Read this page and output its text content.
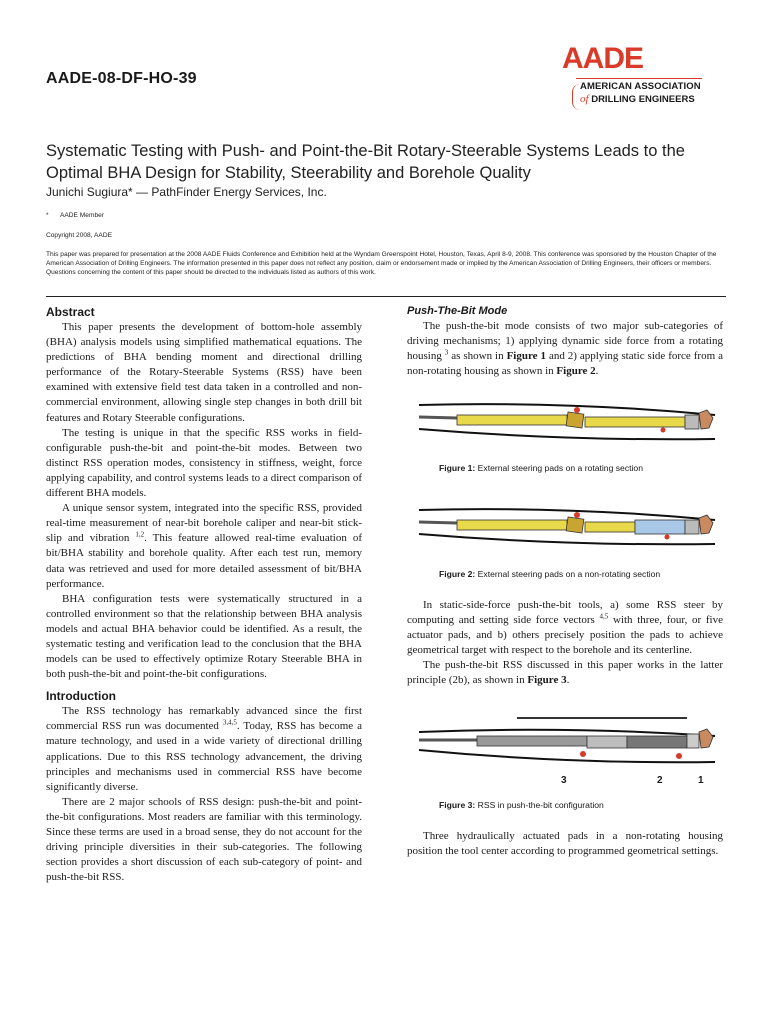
AADE-08-DF-HO-39
AADE
AMERICAN ASSOCIATION
of DRILLING ENGINEERS
Systematic Testing with Push- and Point-the-Bit Rotary-Steerable Systems Leads to the Optimal BHA Design for Stability, Steerability and Borehole Quality
Junichi Sugiura* — PathFinder Energy Services, Inc.
* AADE Member
Copyright 2008, AADE
This paper was prepared for presentation at the 2008 AADE Fluids Conference and Exhibition held at the Wyndam Greenspoint Hotel, Houston, Texas, April 8-9, 2008. This conference was sponsored by the Houston Chapter of the American Association of Drilling Engineers. The information presented in this paper does not reflect any position, claim or endorsement made or implied by the American Association of Drilling Engineers, their officers or members. Questions concerning the content of this paper should be directed to the individuals listed as authors of this work.
Abstract

This paper presents the development of bottom-hole assembly (BHA) analysis models using simplified mathematical equations. The predictions of BHA bending moment and directional drilling performance of the Rotary-Steerable Systems (RSS) have been examined with extensive field test data taken in a controlled and non-commercial environment, allowing single step changes in both drill bit features and Rotary Steerable configurations.

The testing is unique in that the specific RSS works in field-configurable push-the-bit and point-the-bit modes. Between two distinct RSS operation modes, consistency in stiffness, weight, force applying capability, and control systems leads to a direct comparison of different BHA models.

A unique sensor system, integrated into the specific RSS, provided real-time measurement of near-bit borehole caliper and near-bit stick-slip and vibration $^{1,2}$. This feature allowed real-time evaluation of bit/BHA stability and borehole quality. After each test run, memory data was retrieved and used for more detailed assessment of bit/BHA performance.

BHA configuration tests were systematically structured in a controlled environment so that the relationship between BHA analysis models and actual BHA behavior could be identified. As a result, the systematic testing and verification lead to the conclusion that the BHA models can be used to effectively optimize Rotary Steerable BHA in both push-the-bit and point-the-bit configurations.

Introduction

The RSS technology has remarkably advanced since the first commercial RSS run was documented $^{3,4,5}$. Today, RSS has become a mature technology, and used in a wide variety of directional drilling applications. Due to this RSS technology advancement, the driving principles and mechanisms used in commercial RSS have become significantly diverse.

There are 2 major schools of RSS design: push-the-bit and point-the-bit configurations. Most readers are familiar with this terminology. Since these terms are used in a broad sense, they do not account for the driving principle diversities in their sub-categories. The following section provides a short discussion of each sub-category of point- and push-the-bit RSS.

Push-The-Bit Mode

The push-the-bit mode consists of two major sub-categories of driving mechanisms; 1) applying dynamic side force from a rotating housing $^3$ as shown in Figure 1 and 2) applying static side force from a non-rotating housing as shown in Figure 2.

Figure 1: External steering pads on a rotating section
Figure 2: External steering pads on a non-rotating section

In static-side-force push-the-bit tools, a) some RSS steer by computing and setting side force vectors $^{4,5}$ with three, four, or five actuator pads, and b) others precisely position the pads to achieve geometrical target with respect to the borehole and its centerline.

The push-the-bit RSS discussed in this paper works in the latter principle (2b), as shown in Figure 3.

3	2	1
Figure 3: RSS in push-the-bit configuration

Three hydraulically actuated pads in a non-rotating housing position the tool center according to programmed geometrical settings.
